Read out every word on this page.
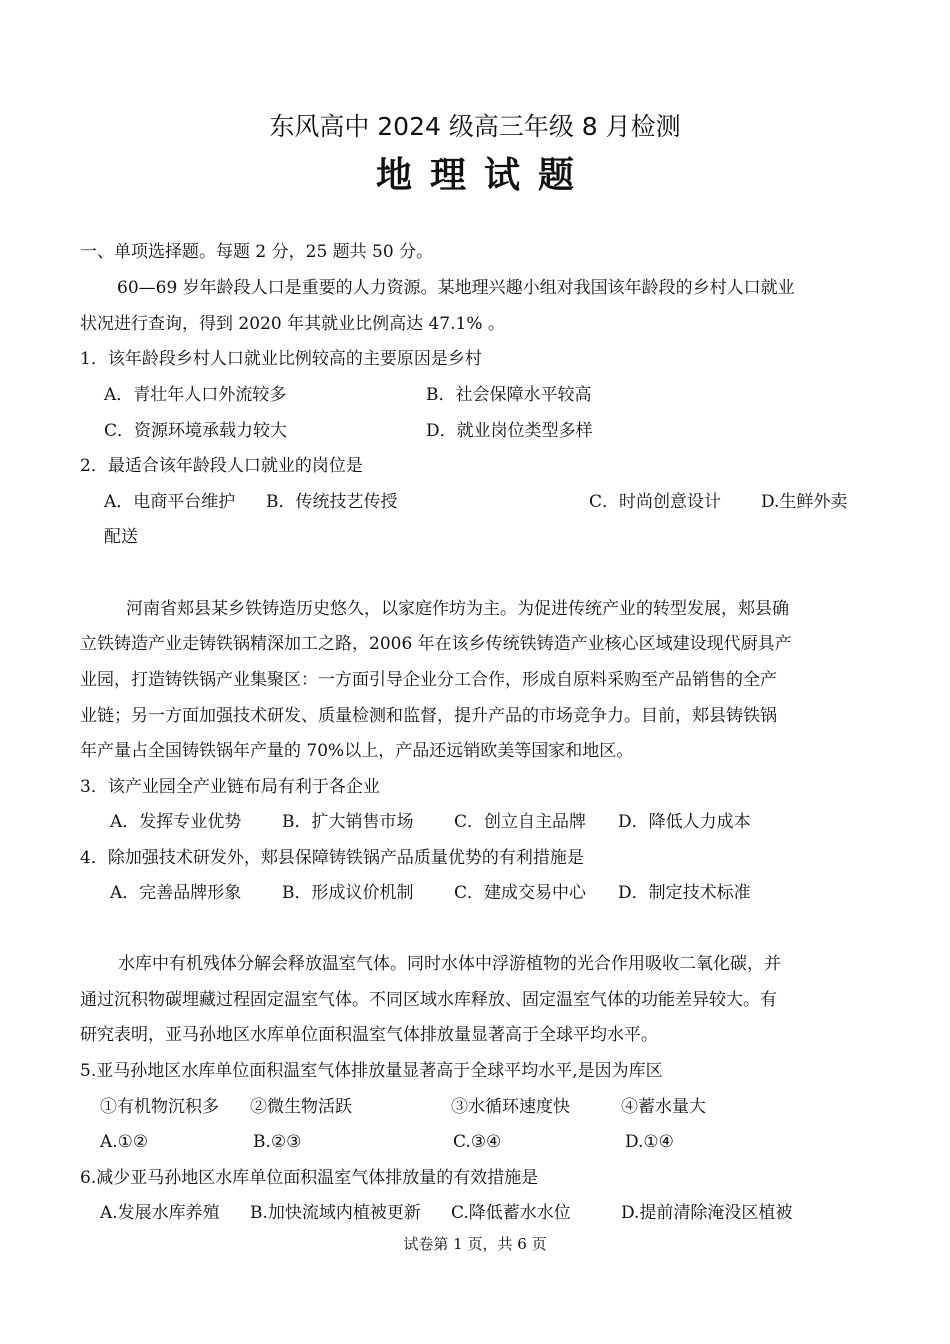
东风高中 2024 级高三年级 8 月检测
地理试题
一、单项选择题。每题 2 分，25 题共 50 分。
60—69 岁年龄段人口是重要的人力资源。某地理兴趣小组对我国该年龄段的乡村人口就业
状况进行查询，得到 2020 年其就业比例高达 47.1% 。
1．该年龄段乡村人口就业比例较高的主要原因是乡村
A．青壮年人口外流较多	B．社会保障水平较高
C．资源环境承载力较大	D．就业岗位类型多样
2．最适合该年龄段人口就业的岗位是
A．电商平台维护 B．传统技艺传授	C．时尚创意设计 D.生鲜外卖
配送
河南省郏县某乡铁铸造历史悠久，以家庭作坊为主。为促进传统产业的转型发展，郏县确
立铁铸造产业走铸铁锅精深加工之路，2006 年在该乡传统铁铸造产业核心区域建设现代厨具产
业园，打造铸铁锅产业集聚区：一方面引导企业分工合作，形成自原料采购至产品销售的全产
业链；另一方面加强技术研发、质量检测和监督，提升产品的市场竞争力。目前，郏县铸铁锅
年产量占全国铸铁锅年产量的 70%以上，产品还远销欧美等国家和地区。
3．该产业园全产业链布局有利于各企业
A．发挥专业优势 B．扩大销售市场 C．创立自主品牌 D．降低人力成本
4．除加强技术研发外，郏县保障铸铁锅产品质量优势的有利措施是
A．完善品牌形象 B．形成议价机制 C．建成交易中心 D．制定技术标准
水库中有机残体分解会释放温室气体。同时水体中浮游植物的光合作用吸收二氧化碳，并
通过沉积物碳埋藏过程固定温室气体。不同区域水库释放、固定温室气体的功能差异较大。有
研究表明，亚马孙地区水库单位面积温室气体排放量显著高于全球平均水平。
5.亚马孙地区水库单位面积温室气体排放量显著高于全球平均水平,是因为库区
①有机物沉积多 ②微生物活跃	③水循环速度快	④蓄水量大
A.①②	B.②③	C.③④	D.①④
6.减少亚马孙地区水库单位面积温室气体排放量的有效措施是
A.发展水库养殖 B.加快流域内植被更新 C.降低蓄水水位	D.提前清除淹没区植被
试卷第 1 页，共 6 页
